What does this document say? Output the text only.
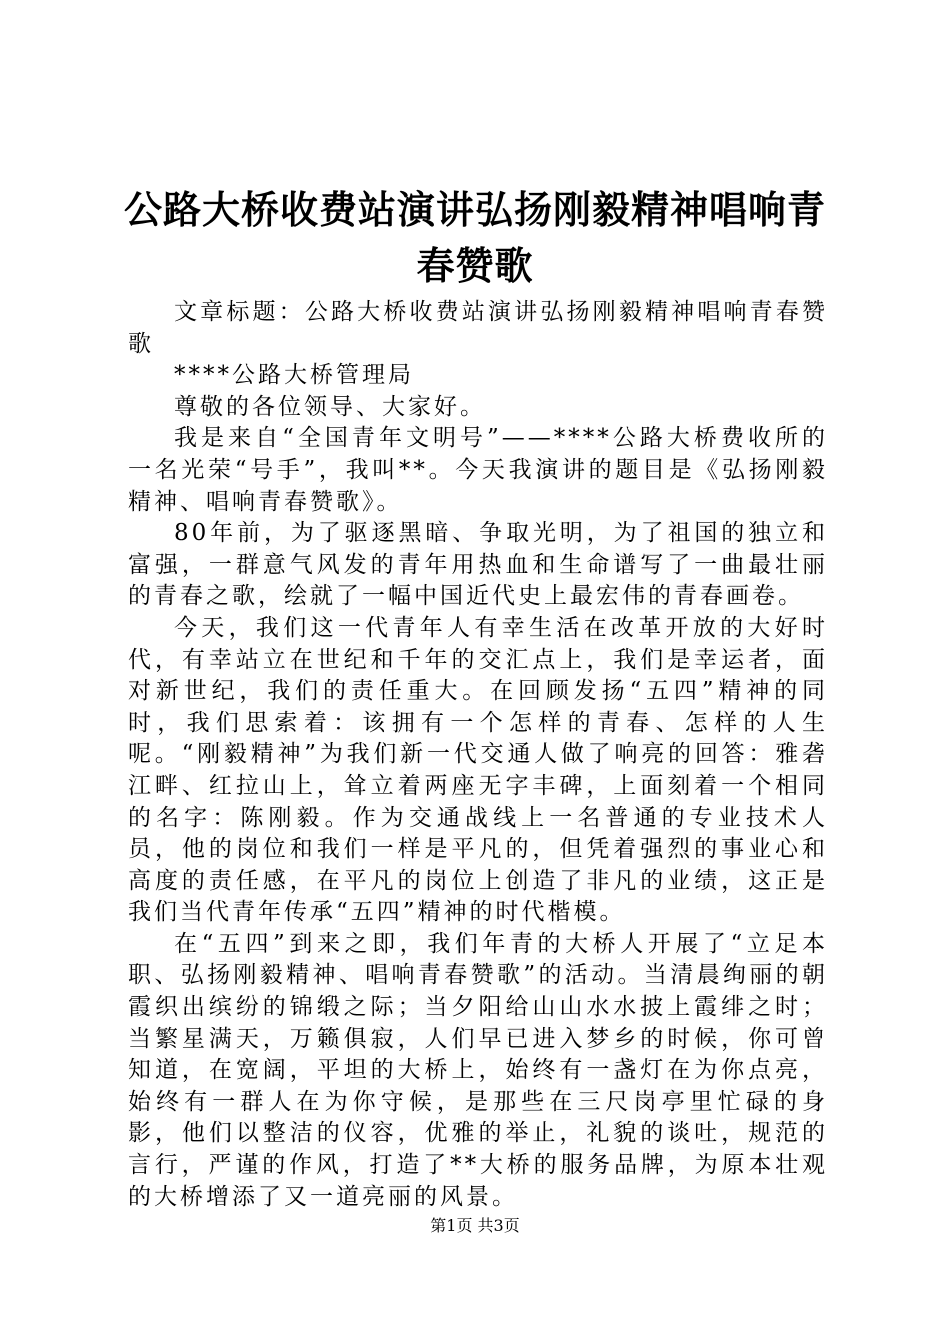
公路大桥收费站演讲弘扬刚毅精神唱响青春赞歌

文章标题：公路大桥收费站演讲弘扬刚毅精神唱响青春赞歌

****公路大桥管理局

尊敬的各位领导、大家好。

我是来自“全国青年文明号”——****公路大桥费收所的一名光荣“号手”，我叫**。今天我演讲的题目是《弘扬刚毅精神、唱响青春赞歌》。

80年前，为了驱逐黑暗、争取光明，为了祖国的独立和富强，一群意气风发的青年用热血和生命谱写了一曲最壮丽的青春之歌，绘就了一幅中国近代史上最宏伟的青春画卷。

今天，我们这一代青年人有幸生活在改革开放的大好时代，有幸站立在世纪和千年的交汇点上，我们是幸运者，面对新世纪，我们的责任重大。在回顾发扬“五四”精神的同时，我们思索着：该拥有一个怎样的青春、怎样的人生呢。“刚毅精神”为我们新一代交通人做了响亮的回答：雅砻江畔、红拉山上，耸立着两座无字丰碑，上面刻着一个相同的名字：陈刚毅。作为交通战线上一名普通的专业技术人员，他的岗位和我们一样是平凡的，但凭着强烈的事业心和高度的责任感，在平凡的岗位上创造了非凡的业绩，这正是我们当代青年传承“五四”精神的时代楷模。

在“五四”到来之即，我们年青的大桥人开展了“立足本职、弘扬刚毅精神、唱响青春赞歌”的活动。当清晨绚丽的朝霞织出缤纷的锦缎之际；当夕阳给山山水水披上霞绯之时；当繁星满天，万籁俱寂，人们早已进入梦乡的时候，你可曾知道，在宽阔，平坦的大桥上，始终有一盏灯在为你点亮，始终有一群人在为你守候，是那些在三尺岗亭里忙碌的身影，他们以整洁的仪容，优雅的举止，礼貌的谈吐，规范的言行，严谨的作风，打造了**大桥的服务品牌，为原本壮观的大桥增添了又一道亮丽的风景。

第1页 共3页
